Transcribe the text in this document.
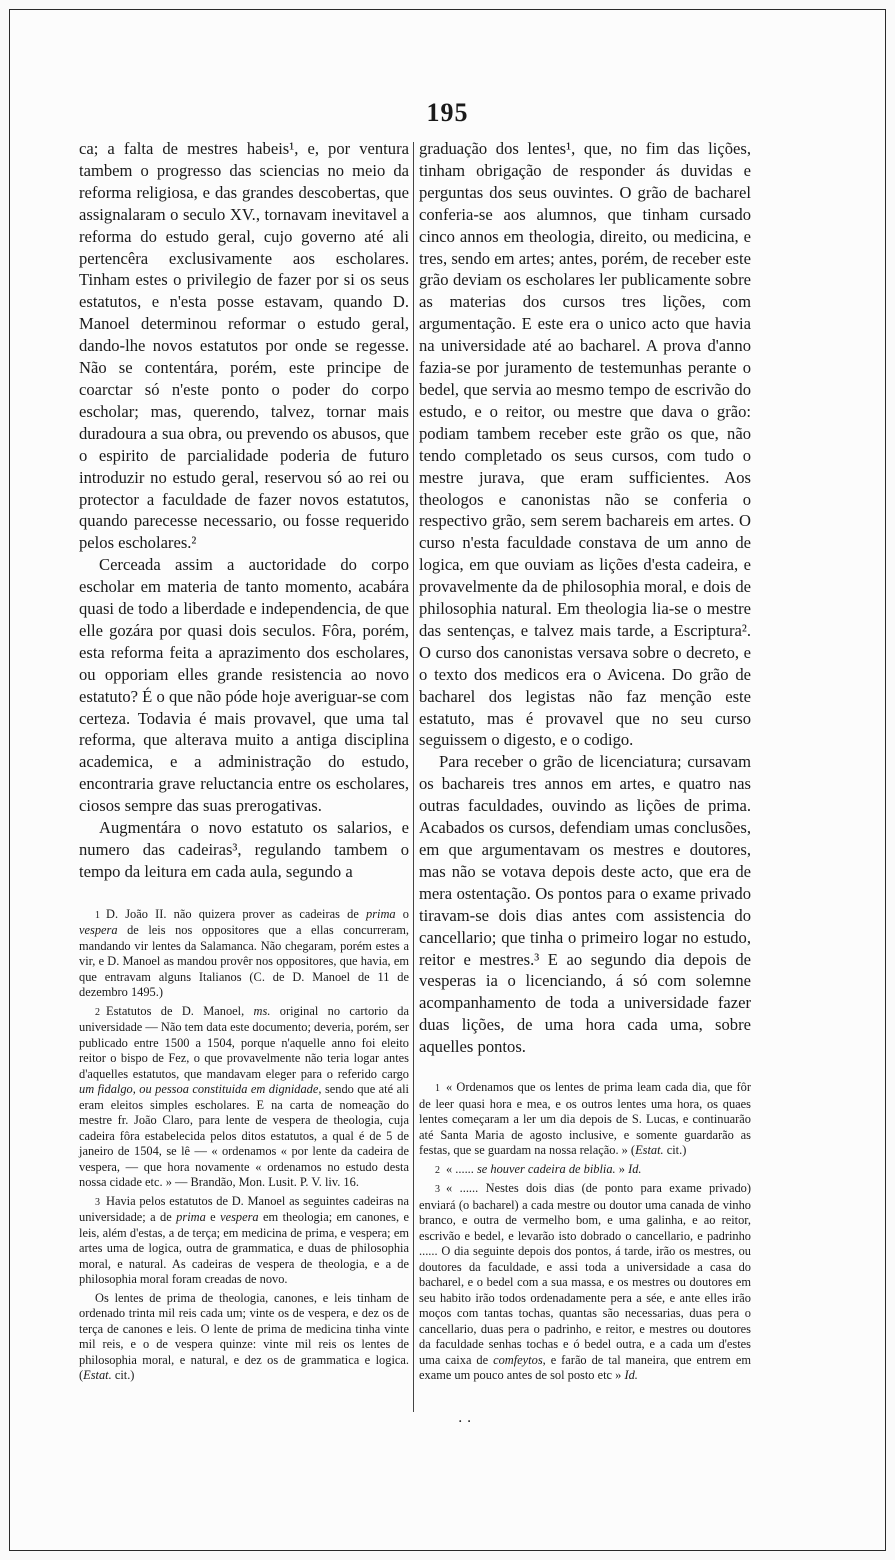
195

ca; a falta de mestres habeis¹, e, por ventura tambem o progresso das sciencias no meio da reforma religiosa, e das grandes descobertas, que assignalaram o seculo XV., tornavam inevitavel a reforma do estudo geral, cujo governo até ali pertencêra exclusivamente aos escholares. Tinham estes o privilegio de fazer por si os seus estatutos, e n'esta posse estavam, quando D. Manoel determinou reformar o estudo geral, dando-lhe novos estatutos por onde se regesse. Não se contentára, porém, este principe de coarctar só n'este ponto o poder do corpo escholar; mas, querendo, talvez, tornar mais duradoura a sua obra, ou prevendo os abusos, que o espirito de parcialidade poderia de futuro introduzir no estudo geral, reservou só ao rei ou protector a faculdade de fazer novos estatutos, quando parecesse necessario, ou fosse requerido pelos escholares.²

Cerceada assim a auctoridade do corpo escholar em materia de tanto momento, acabára quasi de todo a liberdade e independencia, de que elle gozára por quasi dois seculos. Fôra, porém, esta reforma feita a aprazimento dos escholares, ou opporiam elles grande resistencia ao novo estatuto? É o que não póde hoje averiguar-se com certeza. Todavia é mais provavel, que uma tal reforma, que alterava muito a antiga disciplina academica, e a administração do estudo, encontraria grave reluctancia entre os escholares, ciosos sempre das suas prerogativas.

Augmentára o novo estatuto os salarios, e numero das cadeiras³, regulando tambem o tempo da leitura em cada aula, segundo a

1 D. João II. não quizera prover as cadeiras de prima o vespera de leis nos oppositores que a ellas concurreram, mandando vir lentes da Salamanca. Não chegaram, porém estes a vir, e D. Manoel as mandou provêr nos oppositores, que havia, em que entravam alguns Italianos (C. de D. Manoel de 11 de dezembro 1495.)

2 Estatutos de D. Manoel, ms. original no cartorio da universidade — Não tem data este documento; deveria, porém, ser publicado entre 1500 a 1504, porque n'aquelle anno foi eleito reitor o bispo de Fez, o que provavelmente não teria logar antes d'aquelles estatutos, que mandavam eleger para o referido cargo um fidalgo, ou pessoa constituida em dignidade, sendo que até ali eram eleitos simples escholares. E na carta de nomeação do mestre fr. João Claro, para lente de vespera de theologia, cuja cadeira fôra estabelecida pelos ditos estatutos, a qual é de 5 de janeiro de 1504, se lê — « ordenamos « por lente da cadeira de vespera, — que hora novamente « ordenamos no estudo desta nossa cidade etc. » — Brandão, Mon. Lusit. P. V. liv. 16.

3 Havia pelos estatutos de D. Manoel as seguintes cadeiras na universidade; a de prima e vespera em theologia; em canones, e leis, além d'estas, a de terça; em medicina de prima, e vespera; em artes uma de logica, outra de grammatica, e duas de philosophia moral, e natural. As cadeiras de vespera de theologia, e a de philosophia moral foram creadas de novo.

Os lentes de prima de theologia, canones, e leis tinham de ordenado trinta mil reis cada um; vinte os de vespera, e dez os de terça de canones e leis. O lente de prima de medicina tinha vinte mil reis, e o de vespera quinze: vinte mil reis os lentes de philosophia moral, e natural, e dez os de grammatica e logica. (Estat. cit.)

graduação dos lentes¹, que, no fim das lições, tinham obrigação de responder ás duvidas e perguntas dos seus ouvintes. O grão de bacharel conferia-se aos alumnos, que tinham cursado cinco annos em theologia, direito, ou medicina, e tres, sendo em artes; antes, porém, de receber este grão deviam os escholares ler publicamente sobre as materias dos cursos tres lições, com argumentação. E este era o unico acto que havia na universidade até ao bacharel. A prova d'anno fazia-se por juramento de testemunhas perante o bedel, que servia ao mesmo tempo de escrivão do estudo, e o reitor, ou mestre que dava o grão: podiam tambem receber este grão os que, não tendo completado os seus cursos, com tudo o mestre jurava, que eram sufficientes. Aos theologos e canonistas não se conferia o respectivo grão, sem serem bachareis em artes. O curso n'esta faculdade constava de um anno de logica, em que ouviam as lições d'esta cadeira, e provavelmente da de philosophia moral, e dois de philosophia natural. Em theologia lia-se o mestre das sentenças, e talvez mais tarde, a Escriptura². O curso dos canonistas versava sobre o decreto, e o texto dos medicos era o Avicena. Do grão de bacharel dos legistas não faz menção este estatuto, mas é provavel que no seu curso seguissem o digesto, e o codigo.

Para receber o grão de licenciatura; cursavam os bachareis tres annos em artes, e quatro nas outras faculdades, ouvindo as lições de prima. Acabados os cursos, defendiam umas conclusões, em que argumentavam os mestres e doutores, mas não se votava depois deste acto, que era de mera ostentação. Os pontos para o exame privado tiravam-se dois dias antes com assistencia do cancellario; que tinha o primeiro logar no estudo, reitor e mestres.³ E ao segundo dia depois de vesperas ia o licenciando, á só com solemne acompanhamento de toda a universidade fazer duas lições, de uma hora cada uma, sobre aquelles pontos.

1 « Ordenamos que os lentes de prima leam cada dia, que fôr de leer quasi hora e mea, e os outros lentes uma hora, os quaes lentes começaram a ler um dia depois de S. Lucas, e continuarão até Santa Maria de agosto inclusive, e somente guardarão as festas, que se guardam na nossa relação. » (Estat. cit.)

2 « ...... se houver cadeira de biblia. » Id.

3 « ...... Nestes dois dias (de ponto para exame privado) enviará (o bacharel) a cada mestre ou doutor uma canada de vinho branco, e outra de vermelho bom, e uma galinha, e ao reitor, escrivão e bedel, e levarão isto dobrado o cancellario, e padrinho ...... O dia seguinte depois dos pontos, á tarde, irão os mestres, ou doutores da faculdade, e assi toda a universidade a casa do bacharel, e o bedel com a sua massa, e os mestres ou doutores em seu habito irão todos ordenadamente pera a sée, e ante elles irão moços com tantas tochas, quantas são necessarias, duas pera o cancellario, duas pera o padrinho, e reitor, e mestres ou doutores da faculdade senhas tochas e ó bedel outra, e a cada um d'estes uma caixa de comfeytos, e farão de tal maneira, que entrem em exame um pouco antes de sol posto etc » Id.

. .
